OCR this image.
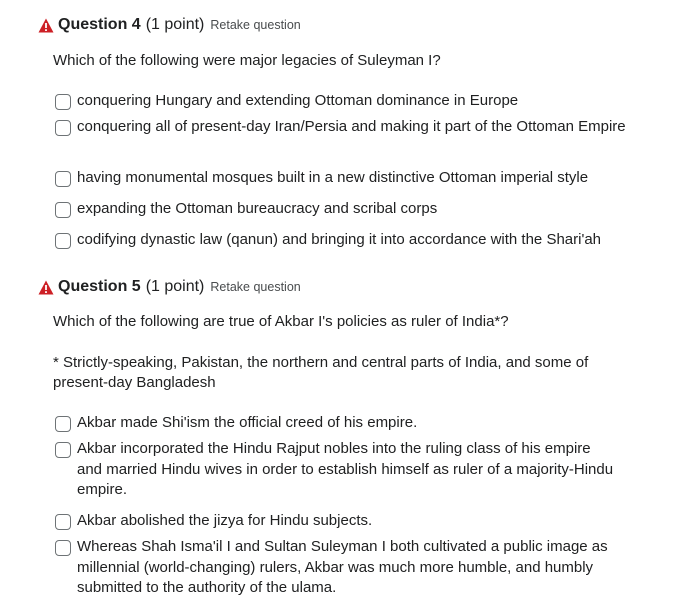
Question 4 (1 point) Retake question
Which of the following were major legacies of Suleyman I?
conquering Hungary and extending Ottoman dominance in Europe
conquering all of present-day Iran/Persia and making it part of the Ottoman Empire
having monumental mosques built in a new distinctive Ottoman imperial style
expanding the Ottoman bureaucracy and scribal corps
codifying dynastic law (qanun) and bringing it into accordance with the Shari'ah
Question 5 (1 point) Retake question
Which of the following are true of Akbar I's policies as ruler of India*?
* Strictly-speaking, Pakistan, the northern and central parts of India, and some of present-day Bangladesh
Akbar made Shi'ism the official creed of his empire.
Akbar incorporated the Hindu Rajput nobles into the ruling class of his empire and married Hindu wives in order to establish himself as ruler of a majority-Hindu empire.
Akbar abolished the jizya for Hindu subjects.
Whereas Shah Isma'il I and Sultan Suleyman I both cultivated a public image as millennial (world-changing) rulers, Akbar was much more humble, and humbly submitted to the authority of the ulama.
